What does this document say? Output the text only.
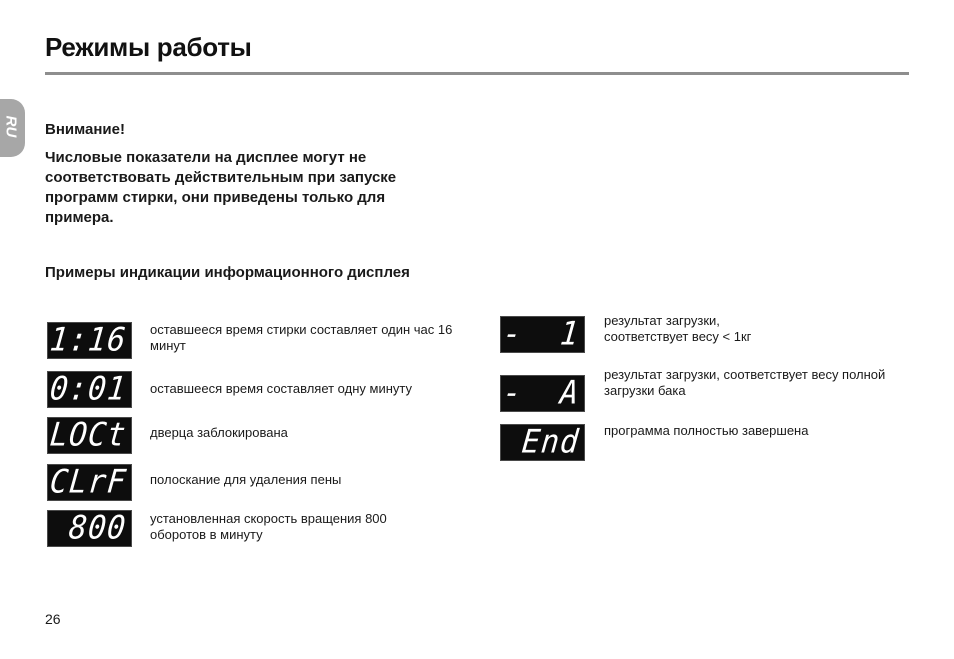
Режимы работы
RU Внимание!
Числовые показатели на дисплее могут не соответствовать действительным при запуске программ стирки, они приведены только для примера.
Примеры индикации информационного дисплея
1:16 оставшееся время стирки составляет один час 16 минут
0:01 оставшееся время составляет одну минуту
LOCt дверца заблокирована
CLrF полоскание для удаления пены
800 установленная скорость вращения 800 оборотов в минуту
L-  1 результат загрузки, соответствует весу < 1кг
L-  A результат загрузки, соответствует весу полной загрузки бака
End программа полностью завершена
26
